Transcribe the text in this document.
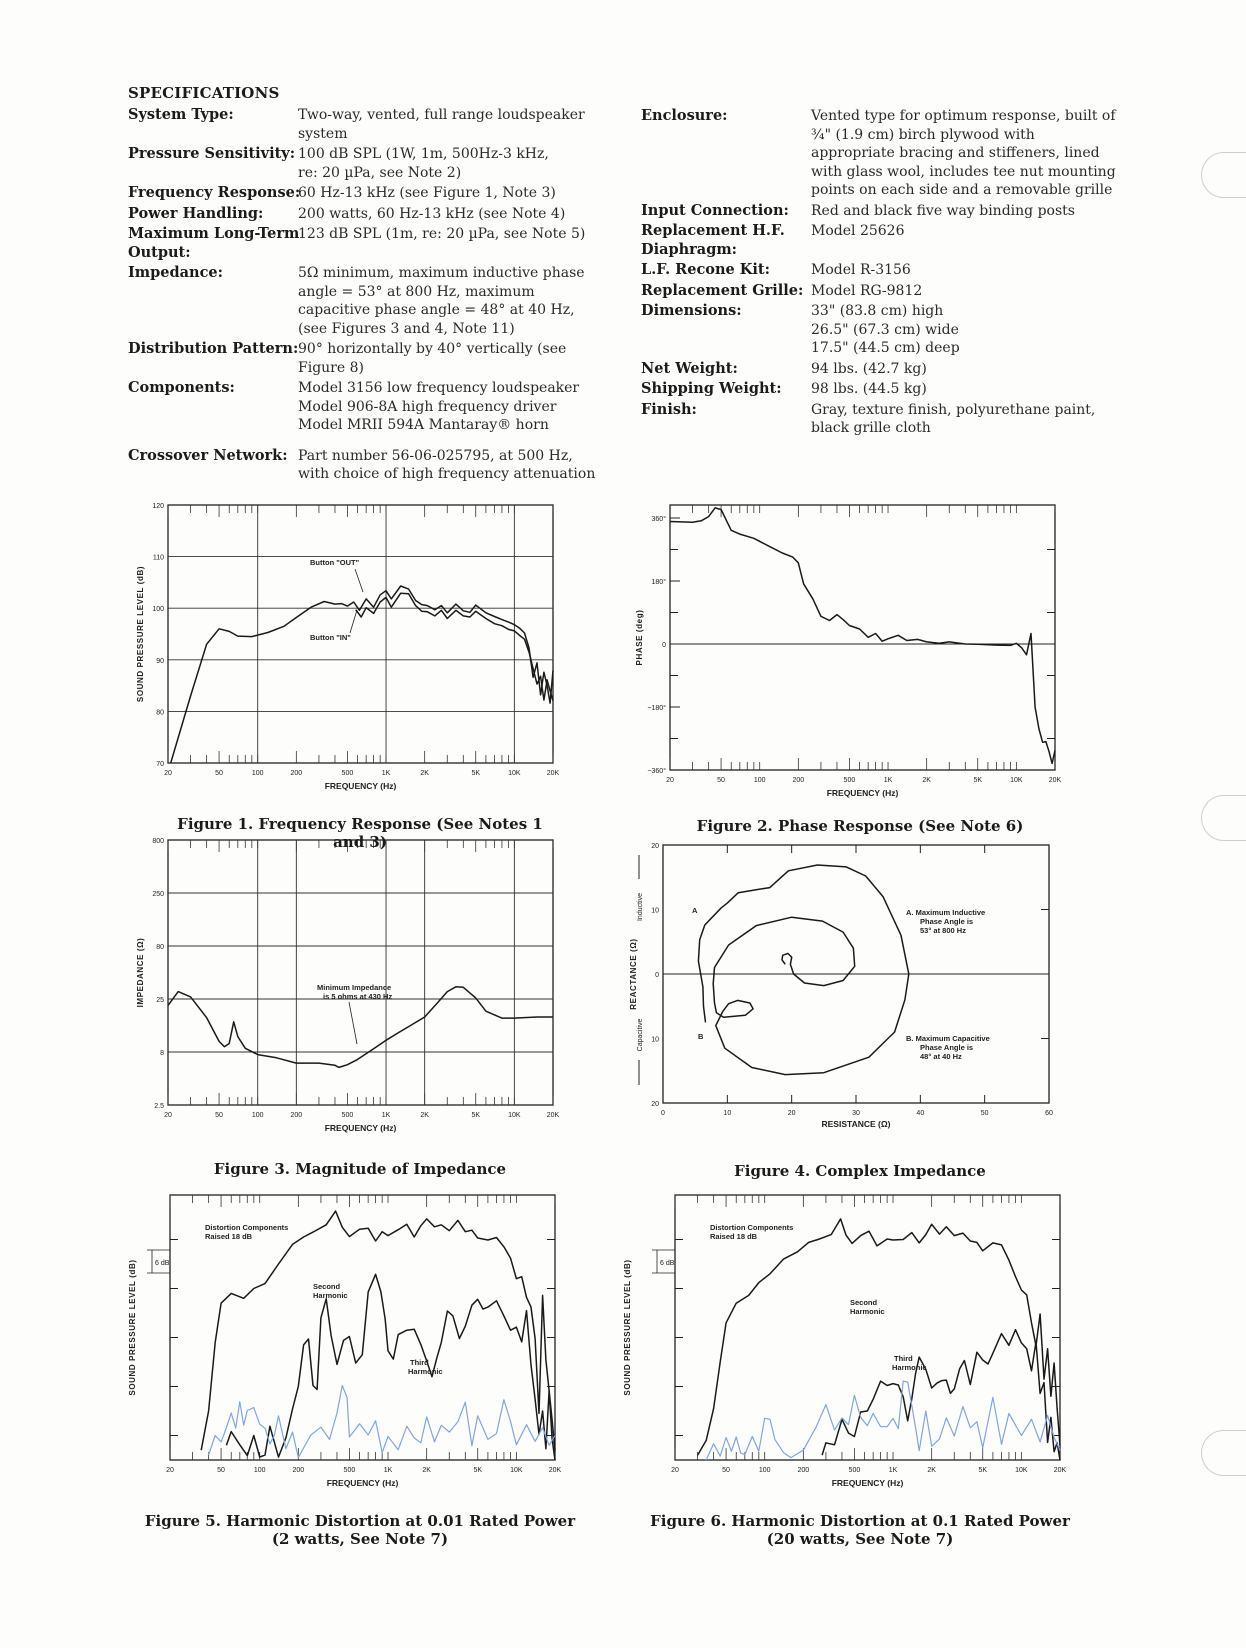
SPECIFICATIONS
System Type:	Two-way, vented, full range loudspeaker
system
Pressure Sensitivity: 100 dB SPL (1W, 1m, 500Hz-3 kHz,
re: 20 µPa, see Note 2)
Frequency Response:
60 Hz-13 kHz (see Figure 1, Note 3)
Power Handling: 200 watts, 60 Hz-13 kHz (see Note 4)
Maximum Long-Term
Output:
123 dB SPL (1m, re: 20 µPa, see Note 5)
Impedance:	5Ω minimum, maximum inductive phase
angle = 53° at 800 Hz, maximum
capacitive phase angle = 48° at 40 Hz,
(see Figures 3 and 4, Note 11)
Distribution Pattern: 90° horizontally by 40° vertically (see
Figure 8)
Components:	Model 3156 low frequency loudspeaker
Model 906-8A high frequency driver
Model MRII 594A Mantaray® horn
Crossover Network: Part number 56-06-025795, at 500 Hz,
with choice of high frequency attenuation
Enclosure:	Vented type for optimum response, built of
¾" (1.9 cm) birch plywood with
appropriate bracing and stiffeners, lined
with glass wool, includes tee nut mounting
points on each side and a removable grille
Input Connection: Red and black five way binding posts
Replacement H.F.
Diaphragm:
Model 25626
L.F. Recone Kit:	Model R-3156
Replacement Grille: Model RG-9812
Dimensions:	33" (83.8 cm) high
26.5" (67.3 cm) wide
17.5" (44.5 cm) deep
Net Weight:	94 lbs. (42.7 kg)
Shipping Weight: 98 lbs. (44.5 kg)
Finish:	Gray, texture finish, polyurethane paint,
black grille cloth
120
110
100
90
80
70
20	50	100	200	500	1K	2K	5K	10K	20K
FREQUENCY (Hz)
SOUND PRESSURE LEVEL (dB)
Button "OUT"
Button "IN"
360°
180°
0
−180°
−360°
20	50	100	200	500	1K	2K	5K	10K	20K
FREQUENCY (Hz)
PHASE (deg)
800
250
80
25
8
2.5
20	50	100	200	500	1K	2K	5K	10K	20K
FREQUENCY (Hz)
IMPEDANCE (Ω)	Minimum Impedance
is 5 ohms at 430 Hz
0	10	20	30	40	50	60
20
10
0
10
20
RESISTANCE (Ω)
REACTANCE (Ω)
Inductive
Capacitive
A
B
A. Maximum Inductive
Phase Angle is
53° at 800 Hz
B. Maximum Capacitive
Phase Angle is
48° at 40 Hz
20	50	100	200	500	1K	2K	5K	10K	20K
FREQUENCY (Hz)
SOUND PRESSURE LEVEL (dB)	6 dB
Distortion Components
Raised 18 dB
Second
Harmonic
Third
Harmonic
20	50	100	200	500	1K	2K	5K	10K	20K
FREQUENCY (Hz)
SOUND PRESSURE LEVEL (dB)	6 dB
Distortion Components
Raised 18 dB
Second
Harmonic
Third
Harmonic
Figure 1. Frequency Response (See Notes 1 and 3)
Figure 2. Phase Response (See Note 6)
Figure 3. Magnitude of Impedance	Figure 4. Complex Impedance
Figure 5. Harmonic Distortion at 0.01 Rated Power
(2 watts, See Note 7)
Figure 6. Harmonic Distortion at 0.1 Rated Power
(20 watts, See Note 7)
